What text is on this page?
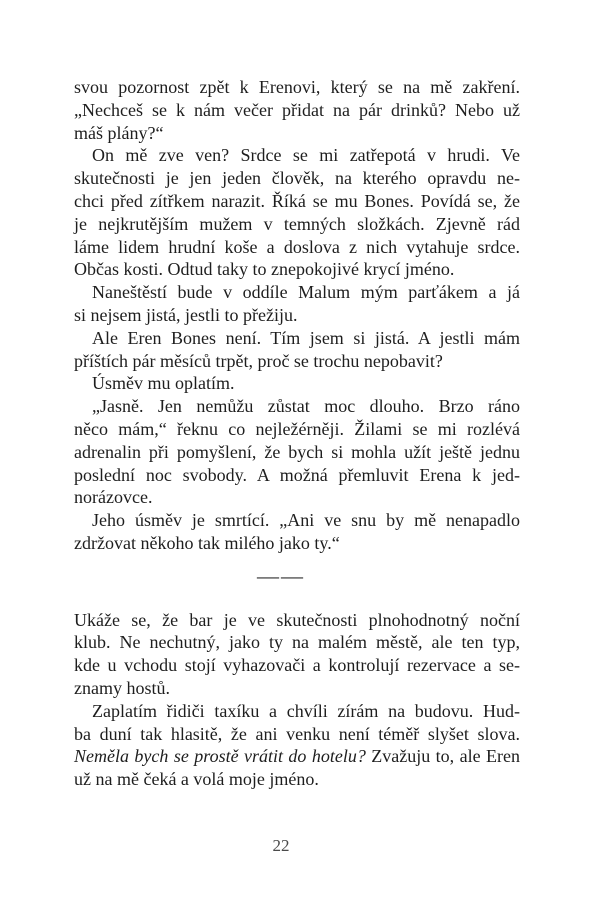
svou pozornost zpět k Erenovi, který se na mě zakření.
„Nechceš se k nám večer přidat na pár drinků? Nebo už
máš plány?“
On mě zve ven? Srdce se mi zatřepotá v hrudi. Ve
skutečnosti je jen jeden člověk, na kterého opravdu ne-
chci před zítřkem narazit. Říká se mu Bones. Povídá se, že
je nejkrutějším mužem v temných složkách. Zjevně rád
láme lidem hrudní koše a doslova z nich vytahuje srdce.
Občas kosti. Odtud taky to znepokojivé krycí jméno.
Naneštěstí bude v oddíle Malum mým parťákem a já
si nejsem jistá, jestli to přežiju.
Ale Eren Bones není. Tím jsem si jistá. A jestli mám
příštích pár měsíců trpět, proč se trochu nepobavit?
Úsměv mu oplatím.
„Jasně. Jen nemůžu zůstat moc dlouho. Brzo ráno
něco mám,“ řeknu co nejležérněji. Žilami se mi rozlévá
adrenalin při pomyšlení, že bych si mohla užít ještě jednu
poslední noc svobody. A možná přemluvit Erena k jed-
norázovce.
Jeho úsměv je smrtící. „Ani ve snu by mě nenapadlo
zdržovat někoho tak milého jako ty.“
——
Ukáže se, že bar je ve skutečnosti plnohodnotný noční
klub. Ne nechutný, jako ty na malém městě, ale ten typ,
kde u vchodu stojí vyhazovači a kontrolují rezervace a se-
znamy hostů.
Zaplatím řidiči taxíku a chvíli zírám na budovu. Hud-
ba duní tak hlasitě, že ani venku není téměř slyšet slova.
Neměla bych se prostě vrátit do hotelu? Zvažuju to, ale Eren
už na mě čeká a volá moje jméno.
22
